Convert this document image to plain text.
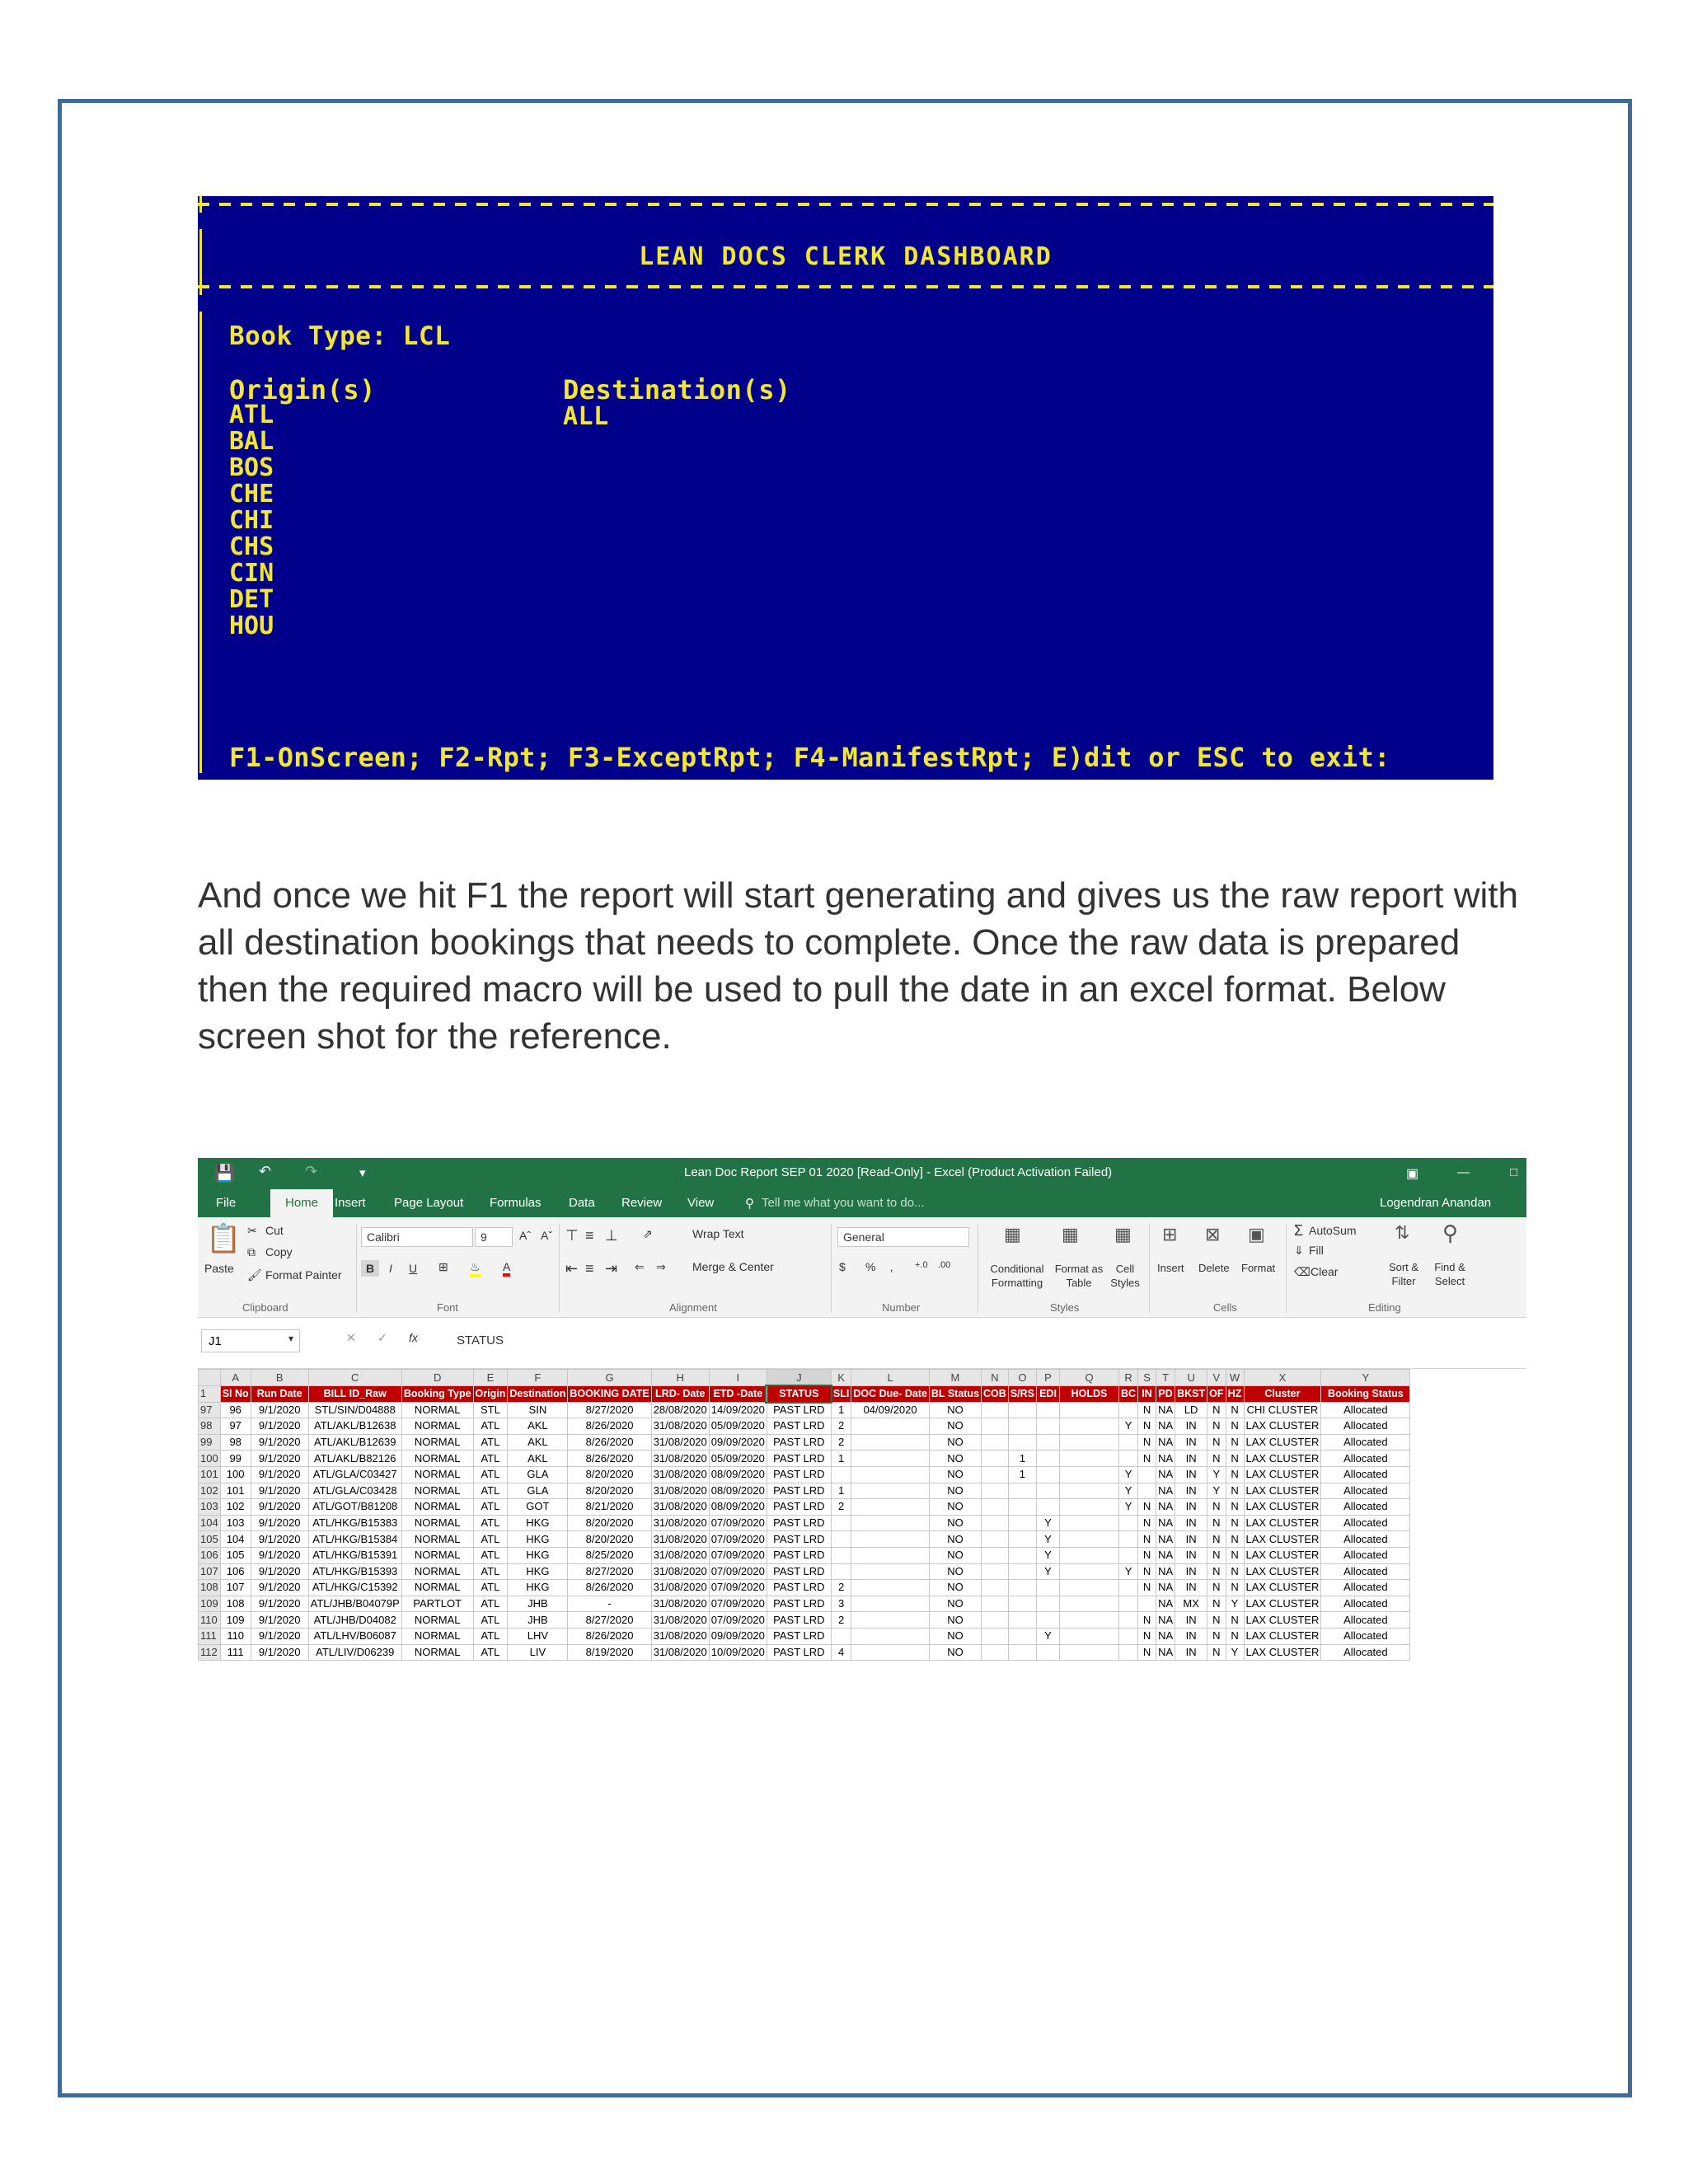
LEAN DOCS CLERK DASHBOARD
Book Type: LCL
Origin(s)	Destination(s)
ALL
ATL
BAL
BOS
CHE
CHI
CHS
CIN
DET
HOU
F1-OnScreen; F2-Rpt; F3-ExceptRpt; F4-ManifestRpt; E)dit or ESC to exit:

And once we hit F1 the report will start generating and gives us the raw report with all destination bookings that needs to complete. Once the raw data is prepared then the required macro will be used to pull the date in an excel format. Below screen shot for the reference.

💾 ↶ ↷	▾	Lean Doc Report SEP 01 2020 [Read-Only] - Excel (Product Activation Failed)	▣	—	□
File	Home	Insert Page Layout Formulas Data Review View	⚲ Tell me what you want to do...	Logendran Anandan
📋
Paste
✂ Cut
⧉ Copy
🖌 Format Painter
Clipboard
Calibri	9	Aˆ Aˇ
B	I	U	⊞ ♨ A
Font
⊤ ≡ ⊥ ⇗	Wrap Text
⇤ ≡ ⇥ ⇐ ⇒ Merge & Center
Alignment
General
$ % ‚ +.0 .00
Number
▦
Conditional Formatting
▦
Format as Table
▦
Cell Styles
Styles
⊞
Insert
⊠
Delete
▣
Format
Cells
Σ AutoSum
⇓ Fill
⌫ Clear
⇅
Sort & Filter
⚲
Find & Select
Editing
J1	▾	✕ ✓ fx	STATUS
	A	B	C	D	E	F	G	H	I	J	K	L	M	N	O	P	Q	R	S	T	U	V	W	X	Y
1	Sl No	Run Date	BILL ID_Raw	Booking Type	Origin	Destination	BOOKING DATE	LRD- Date	ETD -Date	STATUS	SLI	DOC Due- Date	BL Status	COB	S/RS	EDI	HOLDS	BC	IN	PD	BKST	OF	HZ	Cluster	Booking Status
97	96	9/1/2020	STL/SIN/D04888	NORMAL	STL	SIN	8/27/2020	28/08/2020	14/09/2020	PAST LRD	1	04/09/2020	NO						N	NA	LD	N	N	CHI CLUSTER	Allocated
98	97	9/1/2020	ATL/AKL/B12638	NORMAL	ATL	AKL	8/26/2020	31/08/2020	05/09/2020	PAST LRD	2		NO					Y	N	NA	IN	N	N	LAX CLUSTER	Allocated
99	98	9/1/2020	ATL/AKL/B12639	NORMAL	ATL	AKL	8/26/2020	31/08/2020	09/09/2020	PAST LRD	2		NO						N	NA	IN	N	N	LAX CLUSTER	Allocated
100	99	9/1/2020	ATL/AKL/B82126	NORMAL	ATL	AKL	8/26/2020	31/08/2020	05/09/2020	PAST LRD	1		NO		1				N	NA	IN	N	N	LAX CLUSTER	Allocated
101	100	9/1/2020	ATL/GLA/C03427	NORMAL	ATL	GLA	8/20/2020	31/08/2020	08/09/2020	PAST LRD			NO		1			Y		NA	IN	Y	N	LAX CLUSTER	Allocated
102	101	9/1/2020	ATL/GLA/C03428	NORMAL	ATL	GLA	8/20/2020	31/08/2020	08/09/2020	PAST LRD	1		NO					Y		NA	IN	Y	N	LAX CLUSTER	Allocated
103	102	9/1/2020	ATL/GOT/B81208	NORMAL	ATL	GOT	8/21/2020	31/08/2020	08/09/2020	PAST LRD	2		NO					Y	N	NA	IN	N	N	LAX CLUSTER	Allocated
104	103	9/1/2020	ATL/HKG/B15383	NORMAL	ATL	HKG	8/20/2020	31/08/2020	07/09/2020	PAST LRD			NO			Y			N	NA	IN	N	N	LAX CLUSTER	Allocated
105	104	9/1/2020	ATL/HKG/B15384	NORMAL	ATL	HKG	8/20/2020	31/08/2020	07/09/2020	PAST LRD			NO			Y			N	NA	IN	N	N	LAX CLUSTER	Allocated
106	105	9/1/2020	ATL/HKG/B15391	NORMAL	ATL	HKG	8/25/2020	31/08/2020	07/09/2020	PAST LRD			NO			Y			N	NA	IN	N	N	LAX CLUSTER	Allocated
107	106	9/1/2020	ATL/HKG/B15393	NORMAL	ATL	HKG	8/27/2020	31/08/2020	07/09/2020	PAST LRD			NO			Y		Y	N	NA	IN	N	N	LAX CLUSTER	Allocated
108	107	9/1/2020	ATL/HKG/C15392	NORMAL	ATL	HKG	8/26/2020	31/08/2020	07/09/2020	PAST LRD	2		NO						N	NA	IN	N	N	LAX CLUSTER	Allocated
109	108	9/1/2020	ATL/JHB/B04079P	PARTLOT	ATL	JHB	-	31/08/2020	07/09/2020	PAST LRD	3		NO							NA	MX	N	Y	LAX CLUSTER	Allocated
110	109	9/1/2020	ATL/JHB/D04082	NORMAL	ATL	JHB	8/27/2020	31/08/2020	07/09/2020	PAST LRD	2		NO						N	NA	IN	N	N	LAX CLUSTER	Allocated
111	110	9/1/2020	ATL/LHV/B06087	NORMAL	ATL	LHV	8/26/2020	31/08/2020	09/09/2020	PAST LRD			NO			Y			N	NA	IN	N	N	LAX CLUSTER	Allocated
112	111	9/1/2020	ATL/LIV/D06239	NORMAL	ATL	LIV	8/19/2020	31/08/2020	10/09/2020	PAST LRD	4		NO						N	NA	IN	N	Y	LAX CLUSTER	Allocated
